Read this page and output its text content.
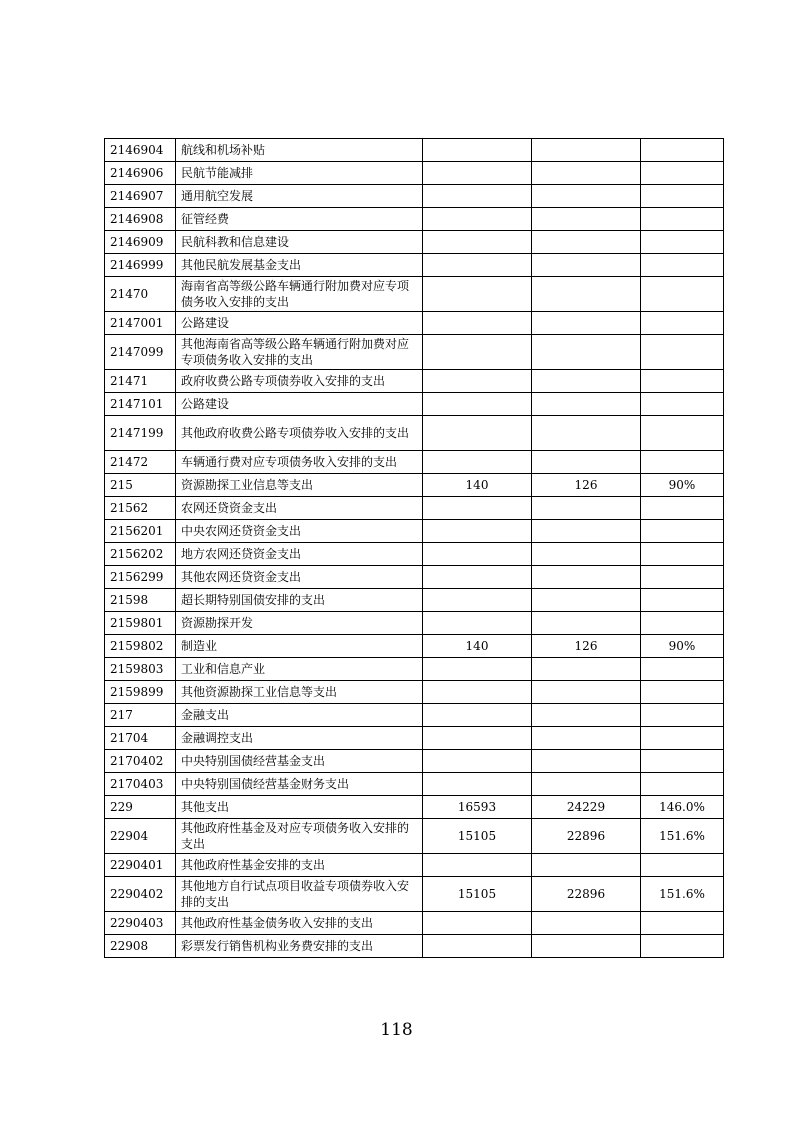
2146904	航线和机场补贴			
2146906	民航节能减排			
2146907	通用航空发展			
2146908	征管经费			
2146909	民航科教和信息建设			
2146999	其他民航发展基金支出			
21470	海南省高等级公路车辆通行附加费对应专项债务收入安排的支出			
2147001	公路建设			
2147099	其他海南省高等级公路车辆通行附加费对应专项债务收入安排的支出			
21471	政府收费公路专项债券收入安排的支出			
2147101	公路建设			
2147199	其他政府收费公路专项债券收入安排的支出			
21472	车辆通行费对应专项债务收入安排的支出			
215	资源勘探工业信息等支出	140	126	90%
21562	农网还贷资金支出			
2156201	中央农网还贷资金支出			
2156202	地方农网还贷资金支出			
2156299	其他农网还贷资金支出			
21598	超长期特别国债安排的支出			
2159801	资源勘探开发			
2159802	制造业	140	126	90%
2159803	工业和信息产业			
2159899	其他资源勘探工业信息等支出			
217	金融支出			
21704	金融调控支出			
2170402	中央特别国债经营基金支出			
2170403	中央特别国债经营基金财务支出			
229	其他支出	16593	24229	146.0%
22904	其他政府性基金及对应专项债务收入安排的支出	15105	22896	151.6%
2290401	其他政府性基金安排的支出			
2290402	其他地方自行试点项目收益专项债券收入安排的支出	15105	22896	151.6%
2290403	其他政府性基金债务收入安排的支出			
22908	彩票发行销售机构业务费安排的支出			
118
